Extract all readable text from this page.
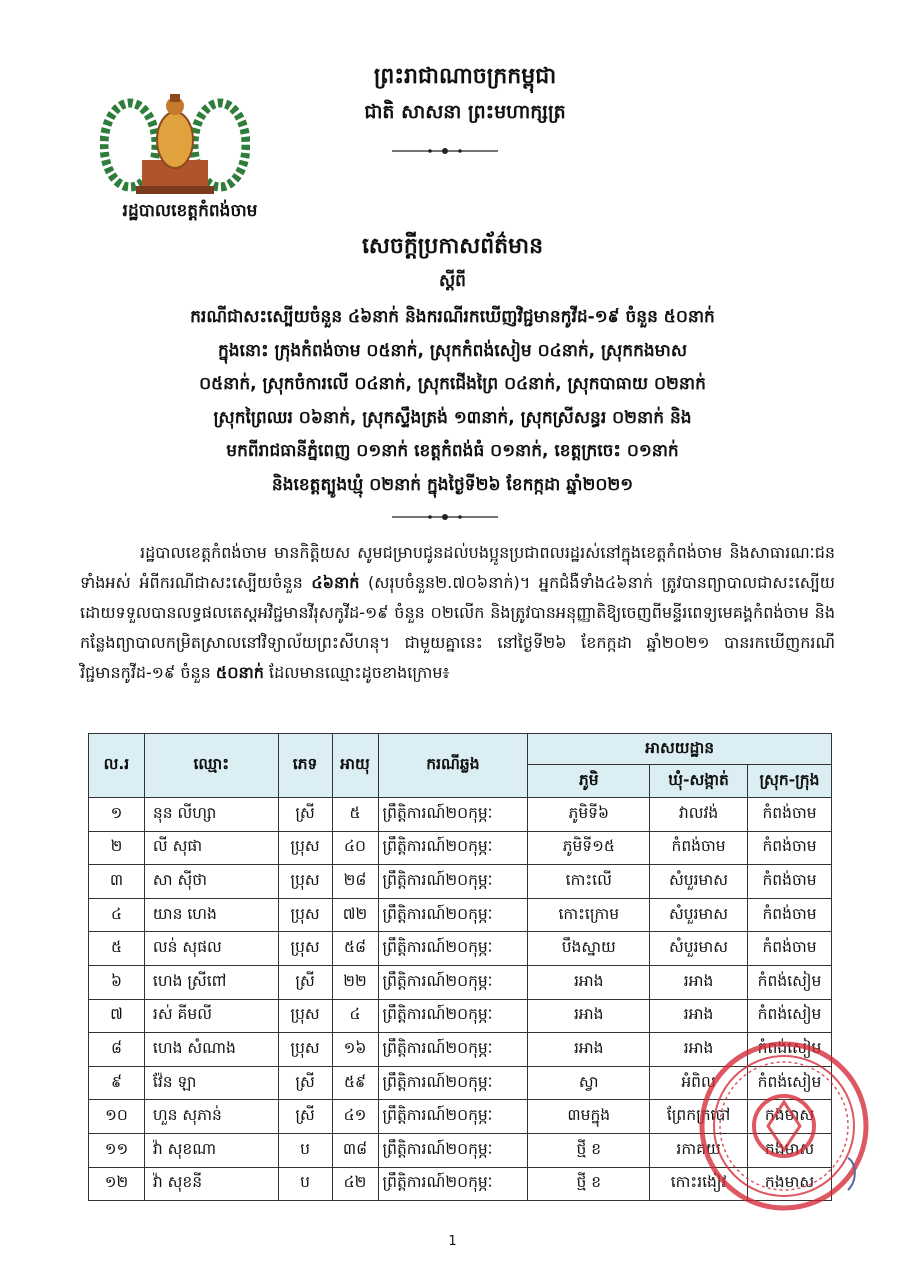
រដ្ឋបាលខេត្តកំពង់ចាម
ព្រះរាជាណាចក្រកម្ពុជា
ជាតិ សាសនា ព្រះមហាក្សត្រ
សេចក្តីប្រកាសព័ត៌មាន
ស្តីពី
ករណីជាសះស្បើយចំនួន ៤៦នាក់ និងករណីរកឃើញវិជ្ជមានកូវីដ-១៩ ចំនួន ៥០នាក់
ក្នុងនោះ ក្រុងកំពង់ចាម ០៥នាក់, ស្រុកកំពង់សៀម ០៤នាក់, ស្រុកកងមាស
០៥នាក់, ស្រុកចំការលើ ០៤នាក់, ស្រុកជើងព្រៃ ០៤នាក់, ស្រុកបាធាយ ០២នាក់
ស្រុកព្រៃឈរ ០៦នាក់, ស្រុកស្ទឹងត្រង់ ១៣នាក់, ស្រុកស្រីសន្ធរ ០២នាក់ និង
មកពីរាជធានីភ្នំពេញ ០១នាក់ ខេត្តកំពង់ធំ ០១នាក់, ខេត្តក្រចេះ ០១នាក់
និងខេត្តត្បូងឃ្មុំ ០២នាក់ ក្នុងថ្ងៃទី២៦ ខែកក្កដា ឆ្នាំ២០២១

រដ្ឋបាលខេត្តកំពង់ចាម មានកិត្តិយស សូមជម្រាបជូនដល់បងប្អូនប្រជាពលរដ្ឋរស់នៅក្នុងខេត្តកំពង់ចាម និងសាធារណៈជនទាំងអស់ អំពីករណីជាសះស្បើយចំនួន ៤៦នាក់ (សរុបចំនួន២.៧០៦នាក់)។ អ្នកជំងឺទាំង៤៦នាក់ ត្រូវបានព្យាបាលជាសះស្បើយ ដោយទទួលបានលទ្ធផលតេស្តអវិជ្ជមានវីរុសកូវីដ-១៩ ចំនួន ០២លើក និងត្រូវបានអនុញ្ញាតិឱ្យចេញពីមន្ទីរពេទ្យមេគង្គកំពង់ចាម និងកន្លែងព្យាបាលកម្រិតស្រាលនៅវិទ្យាល័យព្រះសីហនុ។ ជាមួយគ្នានេះ នៅថ្ងៃទី២៦ ខែកក្កដា ឆ្នាំ២០២១ បានរកឃើញករណីវិជ្ជមានកូវីដ-១៩ ចំនួន ៥០នាក់ ដែលមានឈ្មោះដូចខាងក្រោម៖

ល.រ	ឈ្មោះ	ភេទ	អាយុ	ករណីឆ្លង	អាសយដ្ឋាន		
					ភូមិ	ឃុំ-សង្កាត់	ស្រុក-ក្រុង
១	នុន លីហ្សា	ស្រី	៥	ព្រឹត្តិការណ៍២០កុម្ភៈ	ភូមិទី៦	វាលវង់	កំពង់ចាម
២	លី សុផា	ប្រុស	៤០	ព្រឹត្តិការណ៍២០កុម្ភៈ	ភូមិទី១៥	កំពង់ចាម	កំពង់ចាម
៣	សា ស៊ីថា	ប្រុស	២៨	ព្រឹត្តិការណ៍២០កុម្ភៈ	កោះលើ	សំបួរមាស	កំពង់ចាម
៤	យាន ហេង	ប្រុស	៧២	ព្រឹត្តិការណ៍២០កុម្ភៈ	កោះក្រោម	សំបួរមាស	កំពង់ចាម
៥	លន់ សុផល	ប្រុស	៥៨	ព្រឹត្តិការណ៍២០កុម្ភៈ	បឹងស្នាយ	សំបួរមាស	កំពង់ចាម
៦	ហេង ស្រីពៅ	ស្រី	២២	ព្រឹត្តិការណ៍២០កុម្ភៈ	រអាង	រអាង	កំពង់សៀម
៧	រស់ គីមលី	ប្រុស	៤	ព្រឹត្តិការណ៍២០កុម្ភៈ	រអាង	រអាង	កំពង់សៀម
៨	ហេង សំណាង	ប្រុស	១៦	ព្រឹត្តិការណ៍២០កុម្ភៈ	រអាង	រអាង	កំពង់សៀម
៩	វ៉ែន ឡា	ស្រី	៥៩	ព្រឹត្តិការណ៍២០កុម្ភៈ	ស្វា	អំពិល	កំពង់សៀម
១០	ហួន សុភាន់	ស្រី	៤១	ព្រឹត្តិការណ៍២០កុម្ភៈ	៣មក្នុង	ព្រែកក្របៅ	កងមាស
១១	វ៉ា សុខណា	ប	៣៨	ព្រឹត្តិការណ៍២០កុម្ភៈ	ថ្មី ខ	រកាគយ	កងមាស
១២	វ៉ា សុខនី	ប	៤២	ព្រឹត្តិការណ៍២០កុម្ភៈ	ថ្មី ខ	កោះរងៀវ	កងមាស
1
